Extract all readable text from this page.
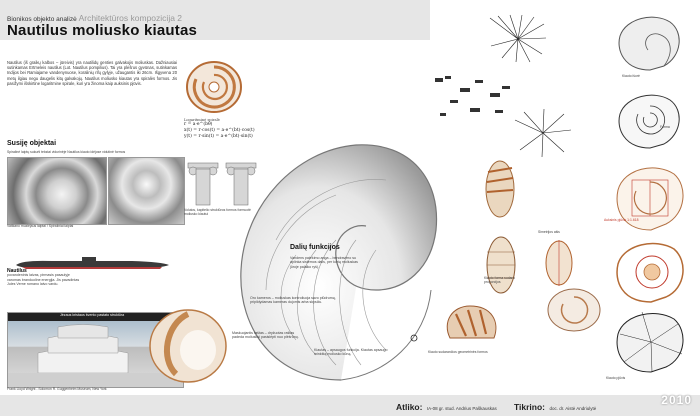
Bionikos objekto analizė Architektūros kompozicija 2
Nautilus moliusko kiautas
Nautilus (iš graikų kalbos – jūreivis) yra nautilidų genties galvakojis moliuskas. Dažniausiai sutinkamas Ertmeleis nautilus (Lot. Nautilus pompilius). Tai yra plėšrus gyvūnas, sutinkamas Indijos bei Ramiajame vandenynuose, koralinių rifų gylyje, užaugantis iki 26cm. Išgyvena 20 metų ilgiau negu daugelis kitų galvakojų. Nautilus moliusko kiautas yra spiralės formos. Jis pasižymi išskirtine logaritmine spirale, kuri yra žinoma kaip auksinis pjūvis.
Susiję objektai
Spiralinė laiptų sukurti tekstai vidurinėje Nautilus kiauto idėjose vidutinė formos
Vatikano muziejaus laiptai / Spiraliniai laiptai
Nautilus
povandeninis laivas, pirmasis pasaulyje varomas branduoline energija. Jis pavadintas Jules Verne romano laivo vardu.
Jėzaus kristaus švento pastato struktūra
Frank Lloyd Wright - Solomon R. Guggenheim Museum, New York
Logaritminė spiralė
r = a·e^(bθ)
x(t) = r·cos(t) = a·e^(bt)·cos(t)
y(t) = r·sin(t) = a·e^(bt)·sin(t)
Volutos, kapitelio struktūros formos formuotė moliusko kiautui
Dalių funkcijos
Vandens patekimo anga – bendravimo su aplinka sistemos dalis, per kurią moliuskas jūroje palaiko ryšį.
Oro kameros – moliuskas kontroliuoja savo plūdrumą, pripildydamas kameras dujomis arba skysčiu.
Maskuojantis raštas – dryžuotas raštas padeda moliuskui pasislėpti nuo plėšrūnų.
Kiautas – apsaugos funkcija. Kiautas apsaugo minkštą moliusko kūną.
Kiauto išorė
Forma
Auksinis pjūvis 1:1.618
Kiauto pjūvis
Simetrijos ašis
Kiauto forma sudaro proporcijos
Kiauto sudarančios geometrinės formos
Atliko: IA-08 gr. stud. Andrius Paškauskas Tikrino: doc. dr. Aistė Andriulytė
2010
